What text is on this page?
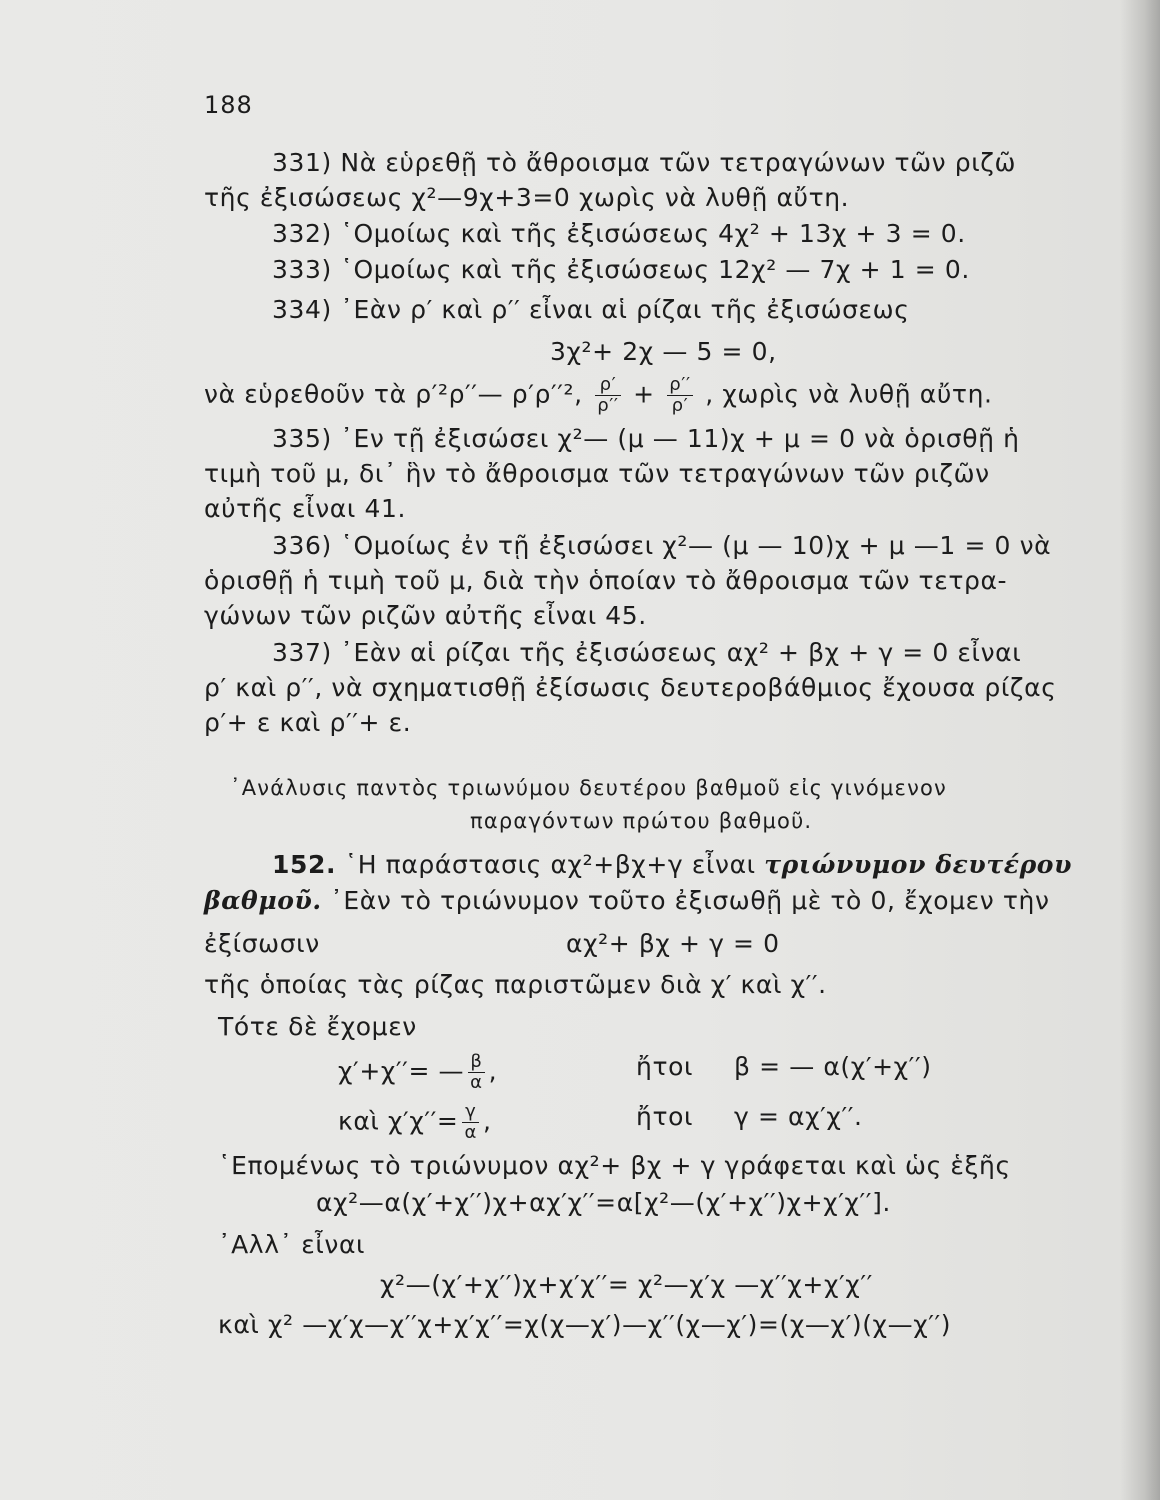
188
331) Νὰ εὑρεθῇ τὸ ἄθροισμα τῶν τετραγώνων τῶν ριζῶ
τῆς ἐξισώσεως χ²—9χ+3=0 χωρὶς νὰ λυθῇ αὔτη.
332) ῾Ομοίως καὶ τῆς ἐξισώσεως 4χ² + 13χ + 3 = 0.
333) ῾Ομοίως καὶ τῆς ἐξισώσεως 12χ² — 7χ + 1 = 0.
334) ᾿Εὰν ρ′ καὶ ρ′′ εἶναι αἱ ρίζαι τῆς ἐξισώσεως
3χ²+ 2χ — 5 = 0,
νὰ εὑρεθοῦν τὰ ρ′²ρ′′— ρ′ρ′′², $\frac{\rho'}{\rho''} + \frac{\rho''}{\rho'}$ , χωρὶς νὰ λυθῇ αὔτη.
335) ᾿Εν τῇ ἐξισώσει χ²— (μ — 11)χ + μ = 0 νὰ ὁρισθῇ ἡ
τιμὴ τοῦ μ, δι᾽ ἣν τὸ ἄθροισμα τῶν τετραγώνων τῶν ριζῶν
αὐτῆς εἶναι 41.
336) ῾Ομοίως ἐν τῇ ἐξισώσει χ²— (μ — 10)χ + μ —1 = 0 νὰ
ὁρισθῇ ἡ τιμὴ τοῦ μ, διὰ τὴν ὁποίαν τὸ ἄθροισμα τῶν τετρα-
γώνων τῶν ριζῶν αὐτῆς εἶναι 45.
337) ᾿Εὰν αἱ ρίζαι τῆς ἐξισώσεως αχ² + βχ + γ = 0 εἶναι
ρ′ καὶ ρ′′, νὰ σχηματισθῇ ἐξίσωσις δευτεροβάθμιος ἔχουσα ρίζας
ρ′+ ε καὶ ρ′′+ ε.
᾿Ανάλυσις παντὸς τριωνύμου δευτέρου βαθμοῦ εἰς γινόμενον
παραγόντων πρώτου βαθμοῦ.
152. ῾Η παράστασις αχ²+βχ+γ εἶναι τριώνυμον δευτέρου
βαθμοῦ. ᾿Εὰν τὸ τριώνυμον τοῦτο ἐξισωθῇ μὲ τὸ 0, ἔχομεν τὴν
ἐξίσωσιν	αχ²+ βχ + γ = 0
τῆς ὁποίας τὰς ρίζας παριστῶμεν διὰ χ′ καὶ χ′′.
Τότε δὲ ἔχομεν
χ′+χ′′= — $\frac{\beta}{\alpha}$ ,	ἤτοι β = — α(χ′+χ′′)
καὶ $\chi'\chi''= \frac{\gamma}{\alpha}$ ,	ἤτοι γ = αχ′χ′′.
῾Επομένως τὸ τριώνυμον αχ²+ βχ + γ γράφεται καὶ ὡς ἑξῆς
αχ²—α(χ′+χ′′)χ+αχ′χ′′=α[χ²—(χ′+χ′′)χ+χ′χ′′].
᾿Αλλ᾽ εἶναι
χ²—(χ′+χ′′)χ+χ′χ′′= χ²—χ′χ —χ′′χ+χ′χ′′
καὶ χ² —χ′χ—χ′′χ+χ′χ′′=χ(χ—χ′)—χ′′(χ—χ′)=(χ—χ′)(χ—χ′′)
